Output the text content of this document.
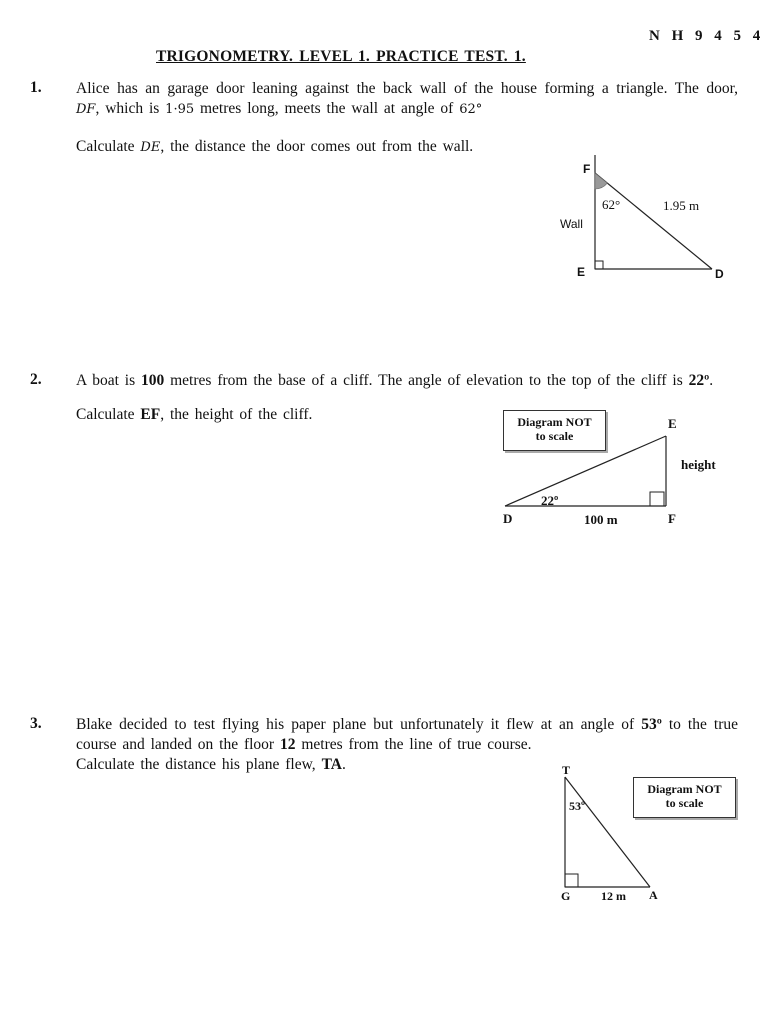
N H 9 4 5 4
TRIGONOMETRY. LEVEL 1. PRACTICE TEST. 1.
1. Alice has an garage door leaning against the back wall of the house forming a triangle. The door, DF, which is 1·95 metres long, meets the wall at angle of 62°

Calculate DE, the distance the door comes out from the wall.

F
E	D
Wall
62°	1.95 m
2. A boat is 100 metres from the base of a cliff. The angle of elevation to the top of the cliff is 22º.

Calculate EF, the height of the cliff.	Diagram NOT
to scale
E
D	F
height
22º
100 m
3. Blake decided to test flying his paper plane but unfortunately it flew at an angle of 53º to the true course and landed on the floor 12 metres from the line of true course.

Calculate the distance his plane flew, TA.

Diagram NOT
to scale
T
G	A
53º
12 m
